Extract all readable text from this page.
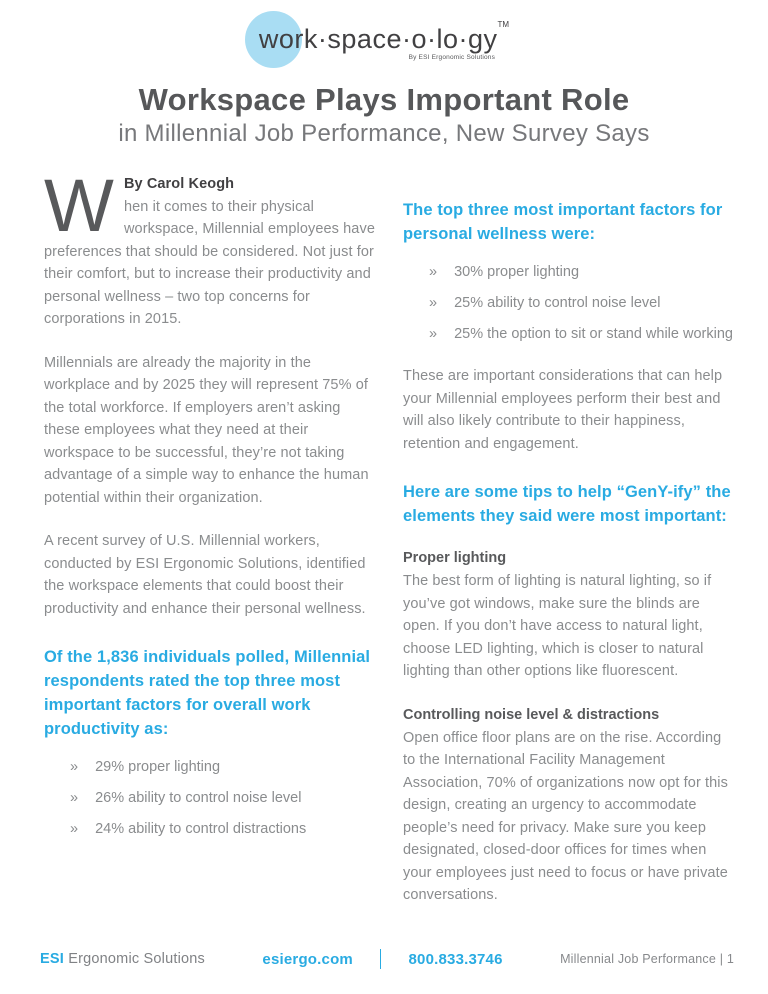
work·space·o·lo·gy™
By ESI Ergonomic Solutions
Workspace Plays Important Role
in Millennial Job Performance, New Survey Says

W By Carol Keogh
hen it comes to their physical workspace, Millennial employees have preferences that should be considered. Not just for their comfort, but to increase their productivity and personal wellness – two top concerns for corporations in 2015.

Millennials are already the majority in the workplace and by 2025 they will represent 75% of the total workforce. If employers aren’t asking these employees what they need at their workspace to be successful, they’re not taking advantage of a simple way to enhance the human potential within their organization.

A recent survey of U.S. Millennial workers, conducted by ESI Ergonomic Solutions, identified the workspace elements that could boost their productivity and enhance their personal wellness.

Of the 1,836 individuals polled, Millennial respondents rated the top three most important factors for overall work productivity as:
» 29% proper lighting
» 26% ability to control noise level
» 24% ability to control distractions
The top three most important factors for personal wellness were:
» 30% proper lighting
» 25% ability to control noise level
» 25% the option to sit or stand while working

These are important considerations that can help your Millennial employees perform their best and will also likely contribute to their happiness, retention and engagement.

Here are some tips to help “GenY-ify” the elements they said were most important:
Proper lighting

The best form of lighting is natural lighting, so if you’ve got windows, make sure the blinds are open. If you don’t have access to natural light, choose LED lighting, which is closer to natural lighting than other options like fluorescent.

Controlling noise level & distractions

Open office floor plans are on the rise. According to the International Facility Management Association, 70% of organizations now opt for this design, creating an urgency to accommodate people’s need for privacy. Make sure you keep designated, closed-door offices for times when your employees just need to focus or have private conversations.

ESI Ergonomic Solutions	esiergo.com	800.833.3746	Millennial Job Performance | 1
